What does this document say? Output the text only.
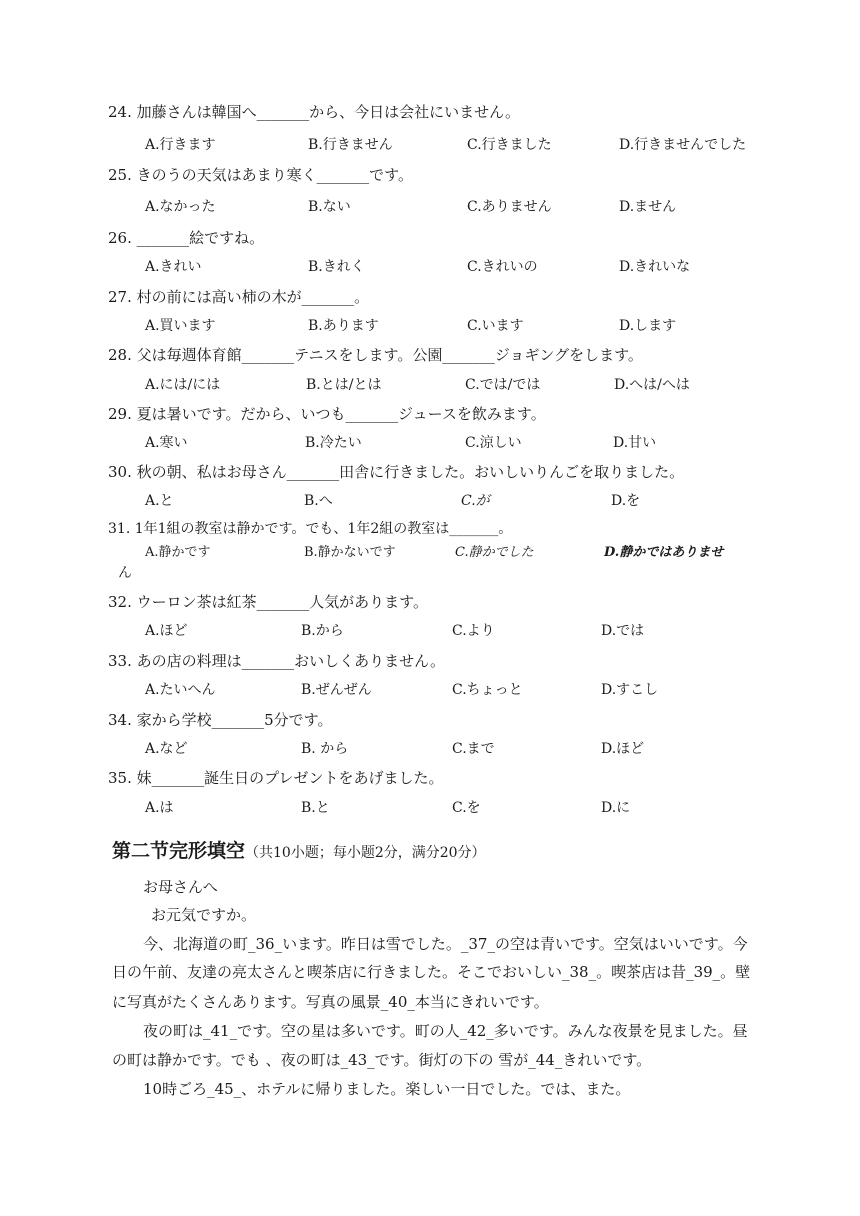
24. 加藤さんは韓国へ_______から、今日は会社にいません。
A.行きます	B.行きません	C.行きました	D.行きませんでした
25. きのうの天気はあまり寒く_______です。
A.なかった	B.ない	C.ありません	D.ません
26. _______絵ですね。
A.きれい	B.きれく	C.きれいの	D.きれいな
27. 村の前には高い柿の木が_______。
A.買います	B.あります	C.います	D.します
28. 父は毎週体育館_______テニスをします。公園_______ジョギングをします。
A.には/には	B.とは/とは	C.では/では	D.へは/へは
29. 夏は暑いです。だから、いつも_______ジュースを飲みます。
A.寒い	B.冷たい	C.涼しい	D.甘い
30. 秋の朝、私はお母さん_______田舎に行きました。おいしいりんごを取りました。
A.と	B.へ	C.が	D.を
31. 1年1組の教室は静かです。でも、1年2組の教室は_______。
A.静かです	B.静かないです	C.静かでした	D.静かではありませ
ん
32. ウーロン茶は紅茶_______人気があります。
A.ほど	B.から	C.より	D.では
33. あの店の料理は_______おいしくありません。
A.たいへん	B.ぜんぜん	C.ちょっと	D.すこし
34. 家から学校_______5分です。
A.など	B. から	C.まで	D.ほど
35. 妹_______誕生日のプレゼントをあげました。
A.は	B.と	C.を	D.に
第二节完形填空（共10小题；每小题2分，满分20分）
お母さんへ
お元気ですか。
今、北海道の町_36_います。昨日は雪でした。_37_の空は青いです。空気はいいです。今
日の午前、友達の亮太さんと喫茶店に行きました。そこでおいしい_38_。喫茶店は昔_39_。壁
に写真がたくさんあります。写真の風景_40_本当にきれいです。
夜の町は_41_です。空の星は多いです。町の人_42_多いです。みんな夜景を見ました。昼
の町は静かです。でも 、夜の町は_43_です。街灯の下の 雪が_44_きれいです。
10時ごろ_45_、ホテルに帰りました。楽しい一日でした。では、また。
